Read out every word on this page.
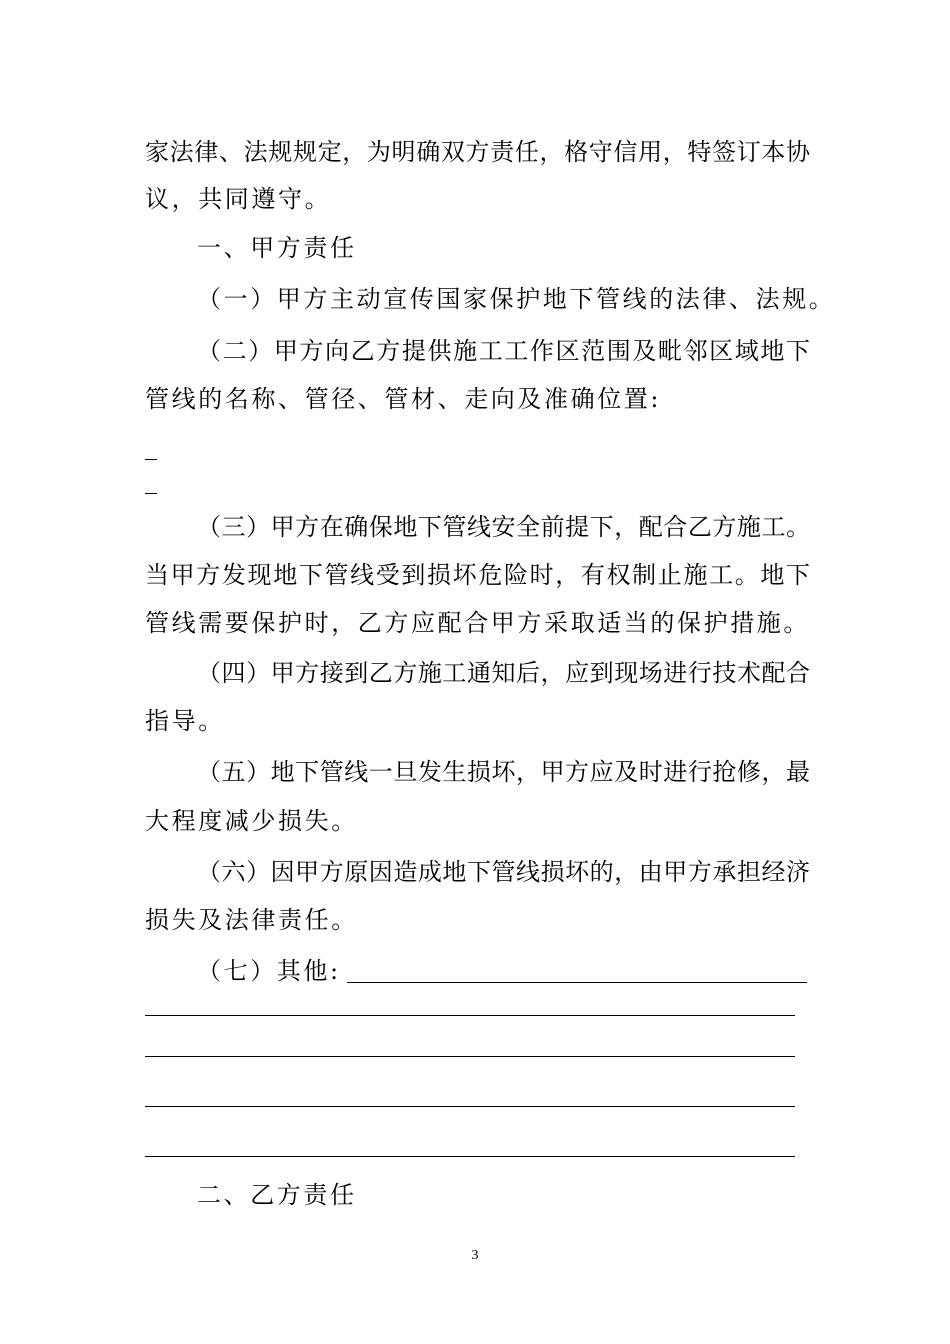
家法律、法规规定，为明确双方责任，格守信用，特签订本协
议，共同遵守。
一、甲方责任
（一）甲方主动宣传国家保护地下管线的法律、法规。
（二）甲方向乙方提供施工工作区范围及毗邻区域地下
管线的名称、管径、管材、走向及准确位置:
（三）甲方在确保地下管线安全前提下，配合乙方施工。
当甲方发现地下管线受到损坏危险时，有权制止施工。地下
管线需要保护时，乙方应配合甲方采取适当的保护措施。
（四）甲方接到乙方施工通知后，应到现场进行技术配合
指导。
（五）地下管线一旦发生损坏，甲方应及时进行抢修，最
大程度减少损失。
（六）因甲方原因造成地下管线损坏的，由甲方承担经济
损失及法律责任。
（七）其他:
二、乙方责任
3
